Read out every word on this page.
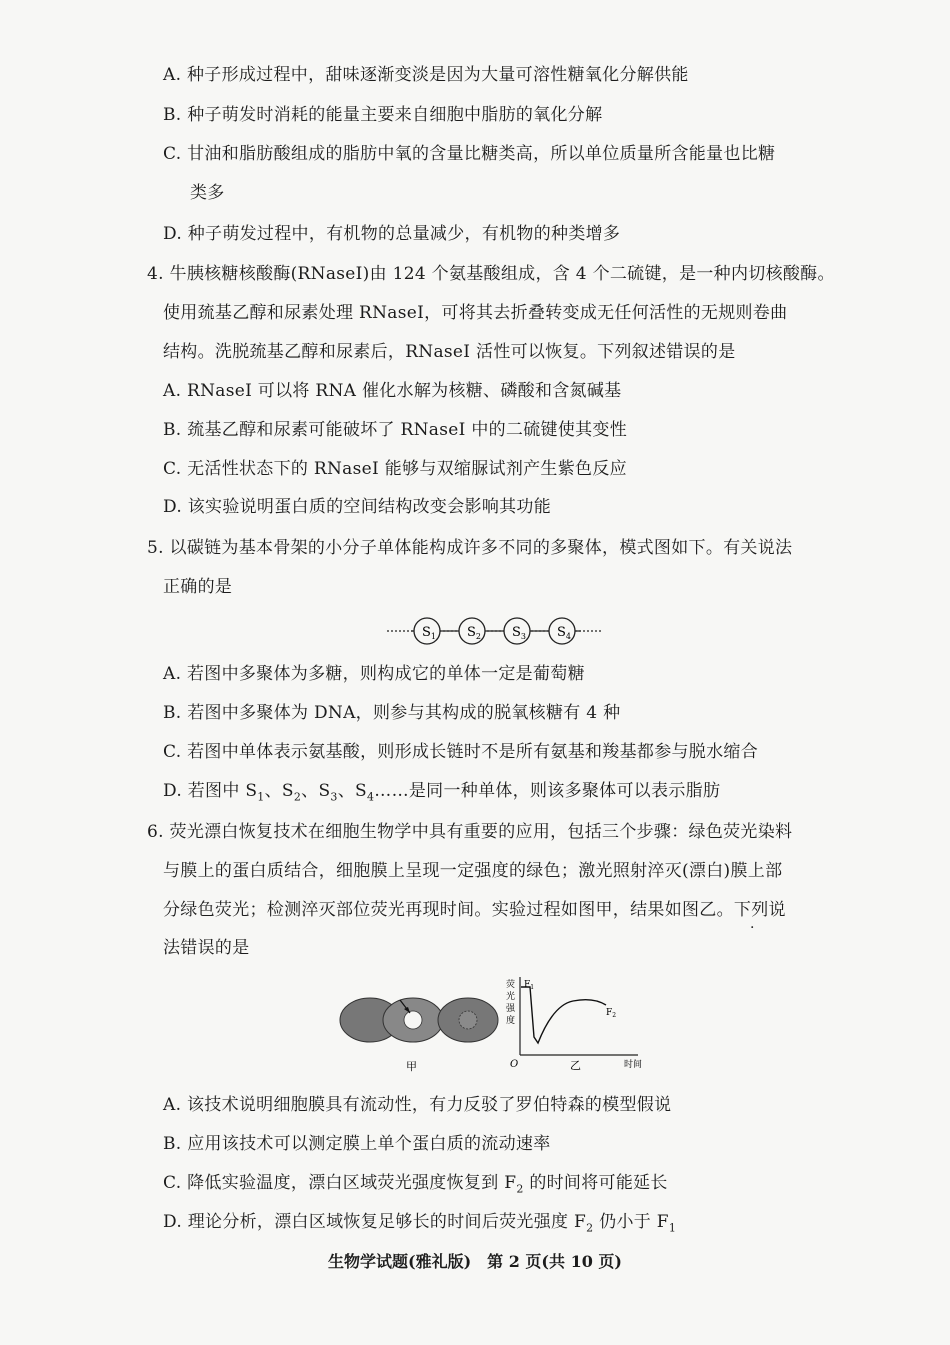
A. 种子形成过程中，甜味逐渐变淡是因为大量可溶性糖氧化分解供能
B. 种子萌发时消耗的能量主要来自细胞中脂肪的氧化分解
C. 甘油和脂肪酸组成的脂肪中氧的含量比糖类高，所以单位质量所含能量也比糖
类多
D. 种子萌发过程中，有机物的总量减少，有机物的种类增多
4. 牛胰核糖核酸酶(RNaseI)由 124 个氨基酸组成，含 4 个二硫键，是一种内切核酸酶。
使用巯基乙醇和尿素处理 RNaseI，可将其去折叠转变成无任何活性的无规则卷曲
结构。洗脱巯基乙醇和尿素后，RNaseI 活性可以恢复。下列叙述错误的是
A. RNaseI 可以将 RNA 催化水解为核糖、磷酸和含氮碱基
B. 巯基乙醇和尿素可能破坏了 RNaseI 中的二硫键使其变性
C. 无活性状态下的 RNaseI 能够与双缩脲试剂产生紫色反应
D. 该实验说明蛋白质的空间结构改变会影响其功能
5. 以碳链为基本骨架的小分子单体能构成许多不同的多聚体，模式图如下。有关说法
正确的是
$S_1$ $S_2$ $S_3$ $S_4$
A. 若图中多聚体为多糖，则构成它的单体一定是葡萄糖
B. 若图中多聚体为 DNA，则参与其构成的脱氧核糖有 4 种
C. 若图中单体表示氨基酸，则形成长链时不是所有氨基和羧基都参与脱水缩合
D. 若图中 $S_1$、$S_2$、$S_3$、$S_4\dots\dots$是同一种单体，则该多聚体可以表示脂肪
6. 荧光漂白恢复技术在细胞生物学中具有重要的应用，包括三个步骤：绿色荧光染料
与膜上的蛋白质结合，细胞膜上呈现一定强度的绿色；激光照射淬灭(漂白)膜上部
分绿色荧光；检测淬灭部位荧光再现时间。实验过程如图甲，结果如图乙。下列说
法错误的是
·
甲
荧
光
强
度
O	时间
乙
$F_1$
$F_2$
A. 该技术说明细胞膜具有流动性，有力反驳了罗伯特森的模型假说
B. 应用该技术可以测定膜上单个蛋白质的流动速率
C. 降低实验温度，漂白区域荧光强度恢复到 $F_2$ 的时间将可能延长
D. 理论分析，漂白区域恢复足够长的时间后荧光强度 $F_2$ 仍小于 $F_1$
生物学试题(雅礼版)　第 2 页(共 10 页)
